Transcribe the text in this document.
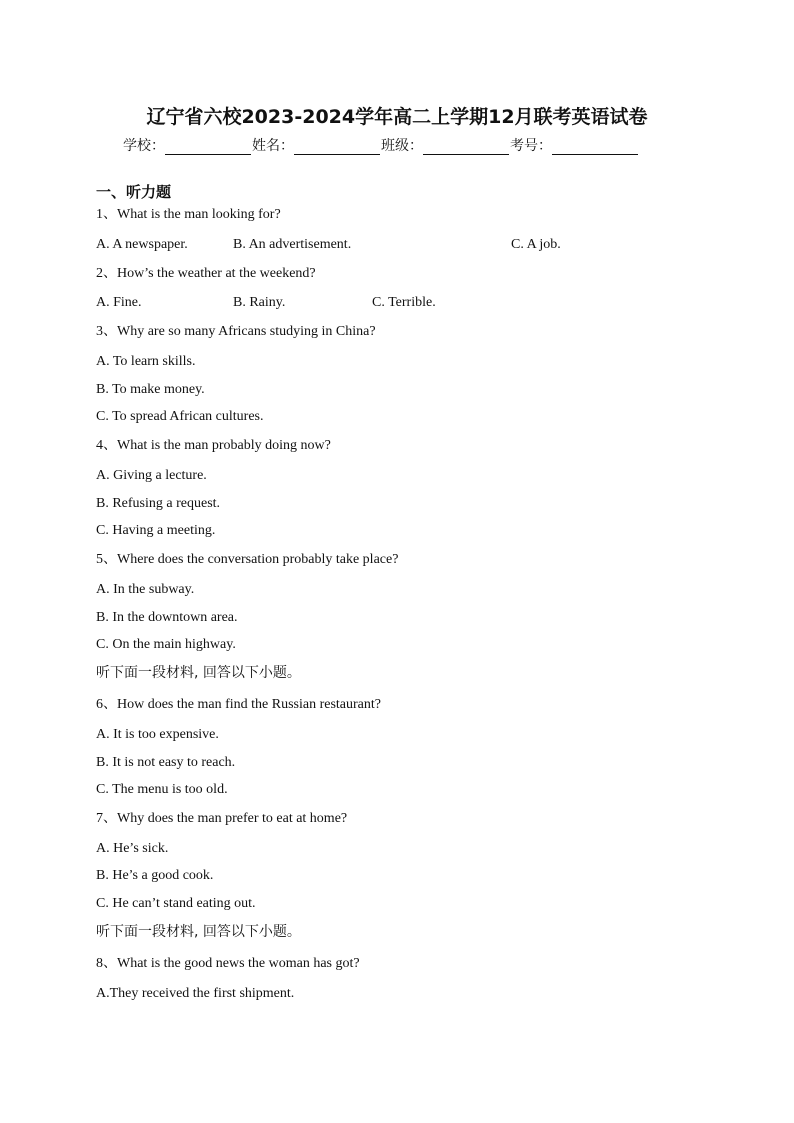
辽宁省六校2023-2024学年高二上学期12月联考英语试卷
学校：	姓名：	班级：	考号：
一、听力题
1、What is the man looking for?
A. A newspaper.	B. An advertisement.	C. A job.
2、How’s the weather at the weekend?
A. Fine.	B. Rainy.	C. Terrible.
3、Why are so many Africans studying in China?
A. To learn skills.
B. To make money.
C. To spread African cultures.
4、What is the man probably doing now?
A. Giving a lecture.
B. Refusing a request.
C. Having a meeting.
5、Where does the conversation probably take place?
A. In the subway.
B. In the downtown area.
C. On the main highway.
听下面一段材料, 回答以下小题。
6、How does the man find the Russian restaurant?
A. It is too expensive.
B. It is not easy to reach.
C. The menu is too old.
7、Why does the man prefer to eat at home?
A. He’s sick.
B. He’s a good cook.
C. He can’t stand eating out.
听下面一段材料, 回答以下小题。
8、What is the good news the woman has got?
A.They received the first shipment.
